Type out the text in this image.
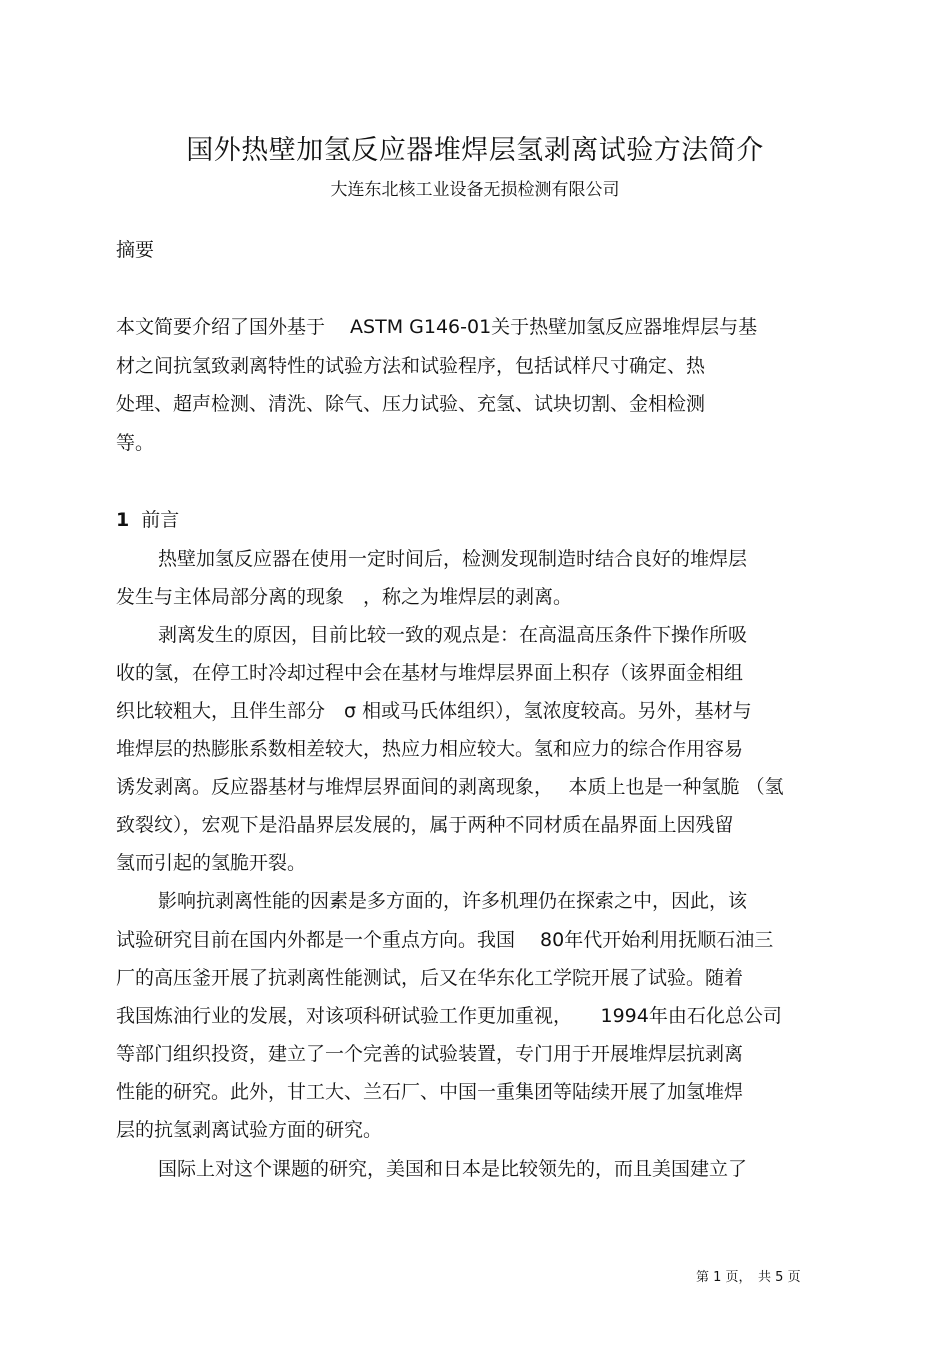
国外热壁加氢反应器堆焊层氢剥离试验方法简介

大连东北核工业设备无损检测有限公司

摘要

本文简要介绍了国外基于　 ASTM G146-01关于热壁加氢反应器堆焊层与基

材之间抗氢致剥离特性的试验方法和试验程序，包括试样尺寸确定、热

处理、超声检测、清洗、除气、压力试验、充氢、试块切割、金相检测

等。

1 前言

热壁加氢反应器在使用一定时间后，检测发现制造时结合良好的堆焊层

发生与主体局部分离的现象　，称之为堆焊层的剥离。

剥离发生的原因，目前比较一致的观点是：在高温高压条件下操作所吸

收的氢，在停工时冷却过程中会在基材与堆焊层界面上积存（该界面金相组

织比较粗大，且伴生部分　σ 相或马氏体组织），氢浓度较高。另外，基材与

堆焊层的热膨胀系数相差较大，热应力相应较大。氢和应力的综合作用容易

诱发剥离。反应器基材与堆焊层界面间的剥离现象，　 本质上也是一种氢脆 （氢

致裂纹），宏观下是沿晶界层发展的，属于两种不同材质在晶界面上因残留

氢而引起的氢脆开裂。

影响抗剥离性能的因素是多方面的，许多机理仍在探索之中，因此，该

试验研究目前在国内外都是一个重点方向。我国　 80年代开始利用抚顺石油三

厂的高压釜开展了抗剥离性能测试，后又在华东化工学院开展了试验。随着

我国炼油行业的发展，对该项科研试验工作更加重视，　　1994年由石化总公司

等部门组织投资，建立了一个完善的试验装置，专门用于开展堆焊层抗剥离

性能的研究。此外，甘工大、兰石厂、中国一重集团等陆续开展了加氢堆焊

层的抗氢剥离试验方面的研究。

国际上对这个课题的研究，美国和日本是比较领先的，而且美国建立了

第 1 页，　共 5 页
